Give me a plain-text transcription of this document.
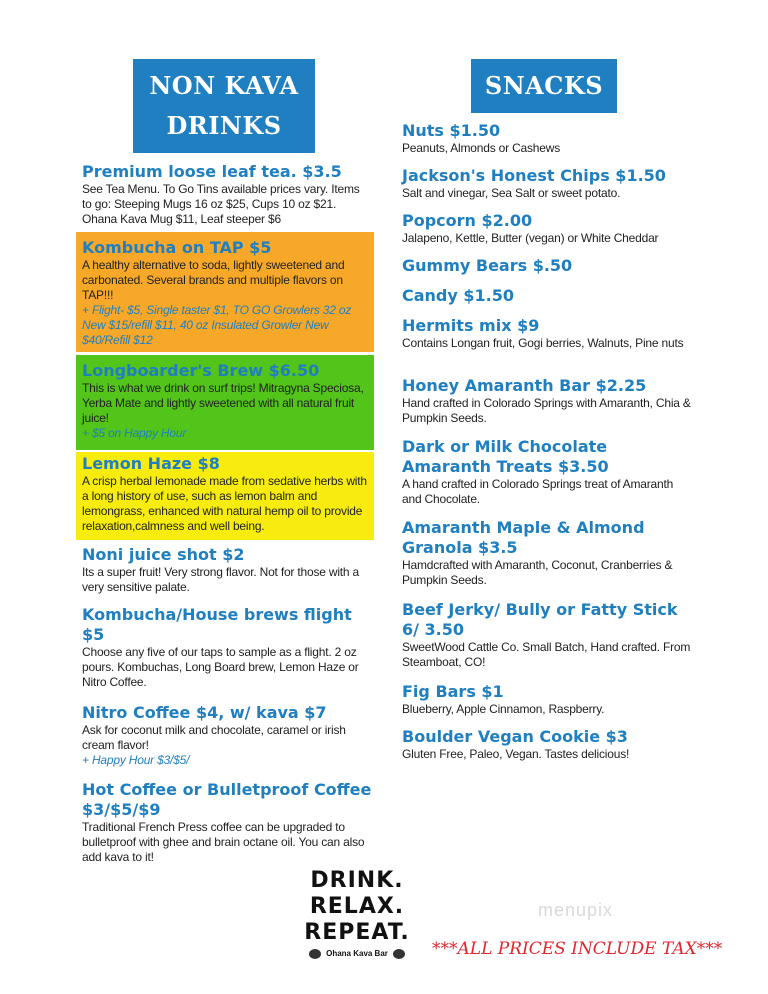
NON KAVA
DRINKS
SNACKS
Premium loose leaf tea. $3.5
See Tea Menu. To Go Tins available prices vary. Items to go: Steeping Mugs 16 oz $25, Cups 10 oz $21. Ohana Kava Mug $11, Leaf steeper $6
Kombucha on TAP $5
A healthy alternative to soda, lightly sweetened and carbonated. Several brands and multiple flavors on TAP!!!
+ Flight- $5, Single taster $1, TO GO Growlers 32 oz New $15/refill $11, 40 oz Insulated Growler New $40/Refill $12
Longboarder's Brew $6.50
This is what we drink on surf trips! Mitragyna Speciosa, Yerba Mate and lightly sweetened with all natural fruit juice!
+ $5 on Happy Hour
Lemon Haze $8
A crisp herbal lemonade made from sedative herbs with a long history of use, such as lemon balm and lemongrass, enhanced with natural hemp oil to provide relaxation,calmness and well being.
Noni juice shot $2
Its a super fruit! Very strong flavor. Not for those with a very sensitive palate.
Kombucha/House brews flight $5
Choose any five of our taps to sample as a flight. 2 oz pours. Kombuchas, Long Board brew, Lemon Haze or Nitro Coffee.
Nitro Coffee $4, w/ kava $7
Ask for coconut milk and chocolate, caramel or irish cream flavor!
+ Happy Hour $3/$5/
Hot Coffee or Bulletproof Coffee $3/$5/$9
Traditional French Press coffee can be upgraded to bulletproof with ghee and brain octane oil. You can also add kava to it!
Nuts $1.50
Peanuts, Almonds or Cashews
Jackson's Honest Chips $1.50
Salt and vinegar, Sea Salt or sweet potato.
Popcorn $2.00
Jalapeno, Kettle, Butter (vegan) or White Cheddar
Gummy Bears $.50
Candy $1.50
Hermits mix $9
Contains Longan fruit, Gogi berries, Walnuts, Pine nuts
Honey Amaranth Bar $2.25
Hand crafted in Colorado Springs with Amaranth, Chia & Pumpkin Seeds.
Dark or Milk Chocolate Amaranth Treats $3.50
A hand crafted in Colorado Springs treat of Amaranth and Chocolate.
Amaranth Maple & Almond Granola $3.5
Hamdcrafted with Amaranth, Coconut, Cranberries & Pumpkin Seeds.
Beef Jerky/ Bully or Fatty Stick 6/ 3.50
SweetWood Cattle Co. Small Batch, Hand crafted. From Steamboat, CO!
Fig Bars $1
Blueberry, Apple Cinnamon, Raspberry.
Boulder Vegan Cookie $3
Gluten Free, Paleo, Vegan. Tastes delicious!
DRINK.
RELAX.
REPEAT.
Ohana Kava Bar
menupix
***ALL PRICES INCLUDE TAX***
